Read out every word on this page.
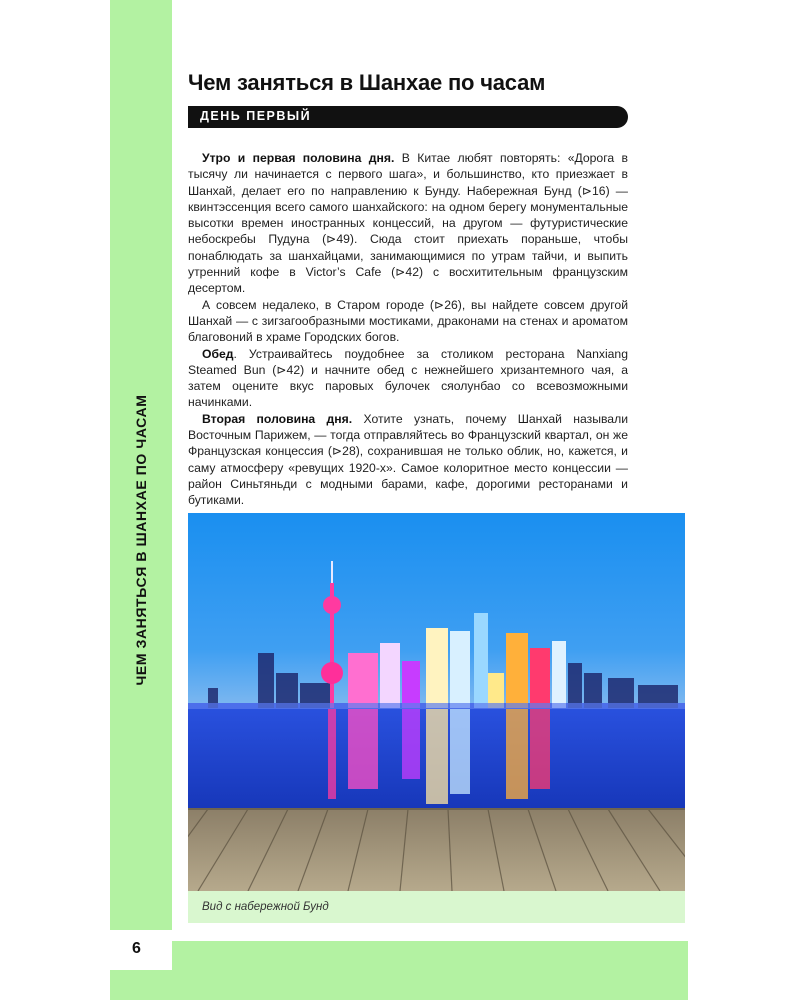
ЧЕМ ЗАНЯТЬСЯ В ШАНХАЕ ПО ЧАСАМ
Чем заняться в Шанхае по часам
ДЕНЬ ПЕРВЫЙ

Утро и первая половина дня. В Китае любят повторять: «Дорога в тысячу ли начинается с первого шага», и большинство, кто приезжает в Шанхай, делает его по направлению к Бунду. Набережная Бунд (⊳16) — квинтэссенция всего самого шанхайского: на одном берегу монументальные высотки времен иностранных концессий, на другом — футуристические небоскребы Пудуна (⊳49). Сюда стоит приехать пораньше, чтобы понаблюдать за шанхайцами, занимающимися по утрам тайчи, и выпить утренний кофе в Victor’s Cafe (⊳42) с восхитительным французским десертом.

А совсем недалеко, в Старом городе (⊳26), вы найдете совсем другой Шанхай — с зигзагообразными мостиками, драконами на стенах и ароматом благовоний в храме Городских богов.

Обед. Устраивайтесь поудобнее за столиком ресторана Nanxiang Steamed Bun (⊳42) и начните обед с нежнейшего хризантемного чая, а затем оцените вкус паровых булочек сяолунбао со всевозможными начинками.

Вторая половина дня. Хотите узнать, почему Шанхай называли Восточным Парижем, — тогда отправляйтесь во Французский квартал, он же Французская концессия (⊳28), сохранившая не только облик, но, кажется, и саму атмосферу «ревущих 1920-х». Самое колоритное место концессии — район Синьтяньди с модными барами, кафе, дорогими ресторанами и бутиками.

Вид с набережной Бунд
6
